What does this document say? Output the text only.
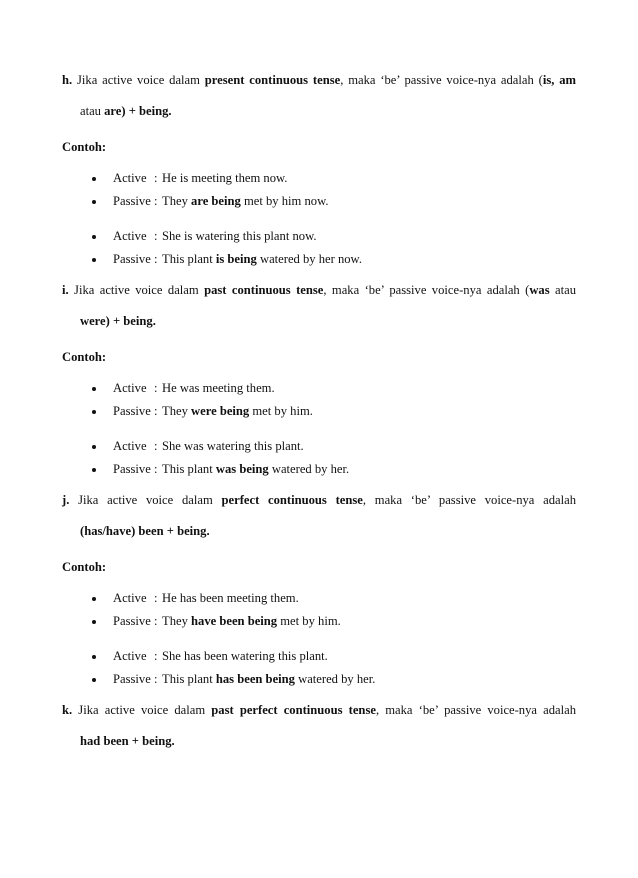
h. Jika active voice dalam present continuous tense, maka ‘be’ passive voice-nya adalah (is, am
atau are) + being.
Contoh:
Active : He is meeting them now.
Passive : They are being met by him now.
Active : She is watering this plant now.
Passive : This plant is being watered by her now.
i. Jika active voice dalam past continuous tense, maka ‘be’ passive voice-nya adalah (was atau
were) + being.
Contoh:
Active : He was meeting them.
Passive : They were being met by him.
Active : She was watering this plant.
Passive : This plant was being watered by her.
j. Jika active voice dalam perfect continuous tense, maka ‘be’ passive voice-nya adalah
(has/have) been + being.
Contoh:
Active : He has been meeting them.
Passive : They have been being met by him.
Active : She has been watering this plant.
Passive : This plant has been being watered by her.
k. Jika active voice dalam past perfect continuous tense, maka ‘be’ passive voice-nya adalah
had been + being.
